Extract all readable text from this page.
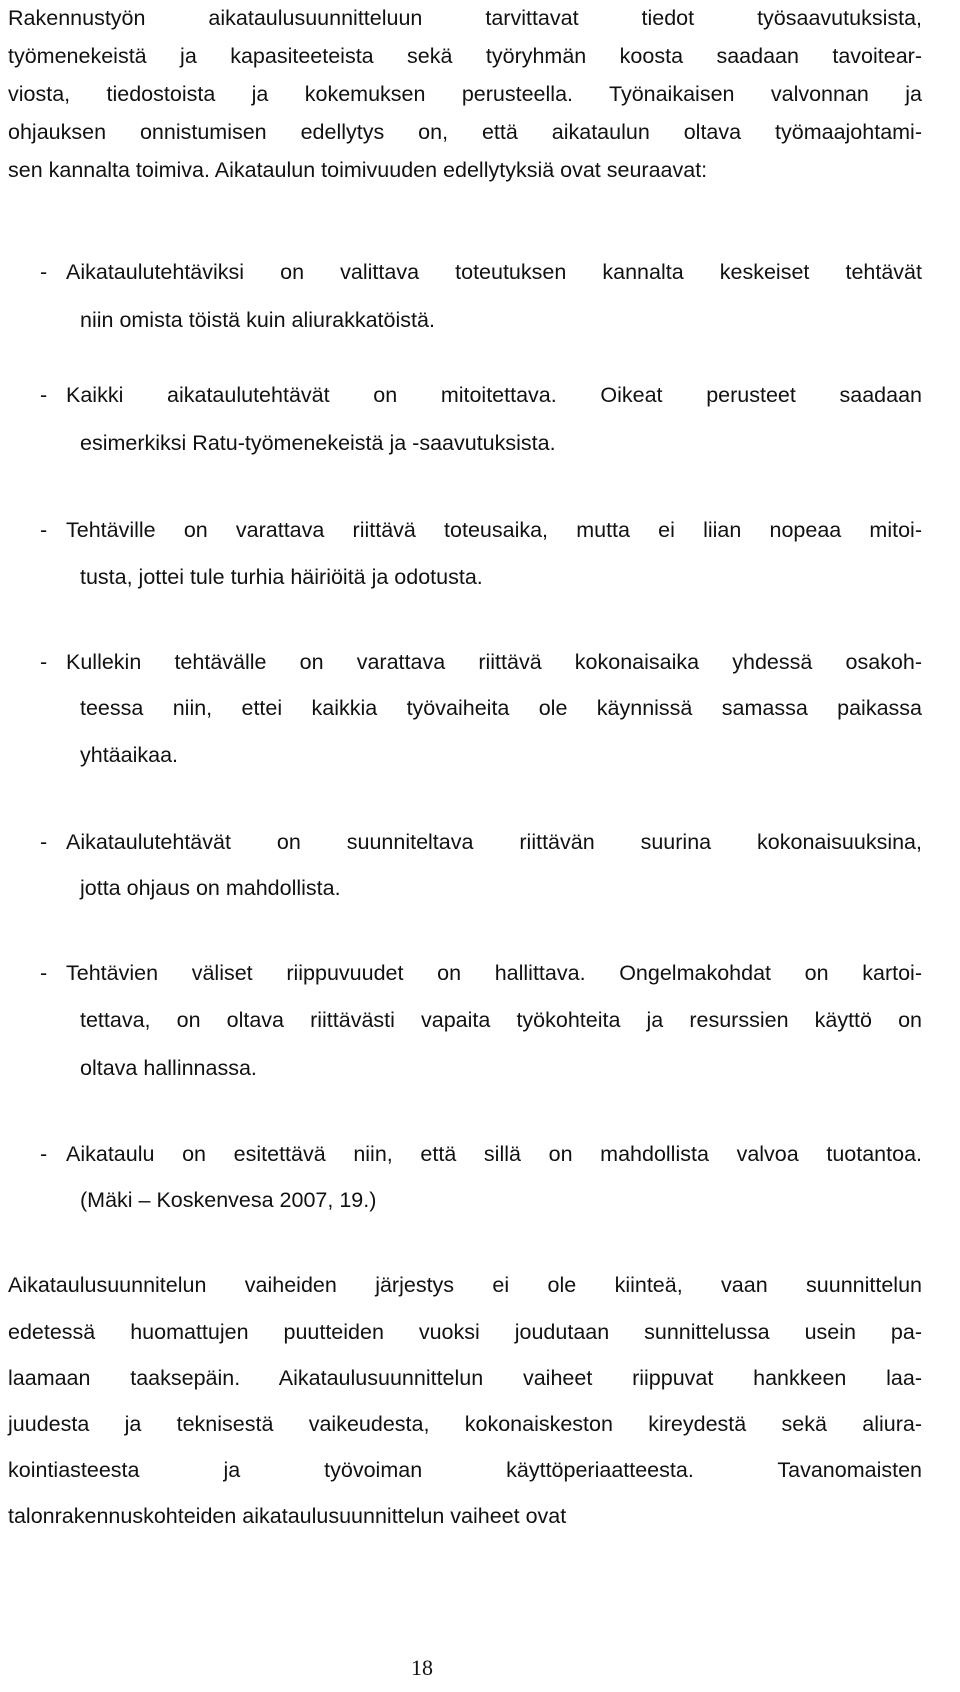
Rakennustyön aikataulusuunnitteluun tarvittavat tiedot työsaavutuksista,
työmenekeistä ja kapasiteeteista sekä työryhmän koosta saadaan tavoitear-
viosta, tiedostoista ja kokemuksen perusteella. Työnaikaisen valvonnan ja
ohjauksen onnistumisen edellytys on, että aikataulun oltava työmaajohtami-
sen kannalta toimiva. Aikataulun toimivuuden edellytyksiä ovat seuraavat:
- Aikataulutehtäviksi on valittava toteutuksen kannalta keskeiset tehtävät
niin omista töistä kuin aliurakkatöistä.
- Kaikki aikataulutehtävät on mitoitettava. Oikeat perusteet saadaan
esimerkiksi Ratu-työmenekeistä ja -saavutuksista.
- Tehtäville on varattava riittävä toteusaika, mutta ei liian nopeaa mitoi-
tusta, jottei tule turhia häiriöitä ja odotusta.
- Kullekin tehtävälle on varattava riittävä kokonaisaika yhdessä osakoh-
teessa niin, ettei kaikkia työvaiheita ole käynnissä samassa paikassa
yhtäaikaa.
- Aikataulutehtävät on suunniteltava riittävän suurina kokonaisuuksina,
jotta ohjaus on mahdollista.
- Tehtävien väliset riippuvuudet on hallittava. Ongelmakohdat on kartoi-
tettava, on oltava riittävästi vapaita työkohteita ja resurssien käyttö on
oltava hallinnassa.
- Aikataulu on esitettävä niin, että sillä on mahdollista valvoa tuotantoa.
(Mäki – Koskenvesa 2007, 19.)
Aikataulusuunnitelun vaiheiden järjestys ei ole kiinteä, vaan suunnittelun
edetessä huomattujen puutteiden vuoksi joudutaan sunnittelussa usein pa-
laamaan taaksepäin. Aikataulusuunnittelun vaiheet riippuvat hankkeen laa-
juudesta ja teknisestä vaikeudesta, kokonaiskeston kireydestä sekä aliura-
kointiasteesta ja työvoiman käyttöperiaatteesta. Tavanomaisten
talonrakennuskohteiden aikataulusuunnittelun vaiheet ovat
18
